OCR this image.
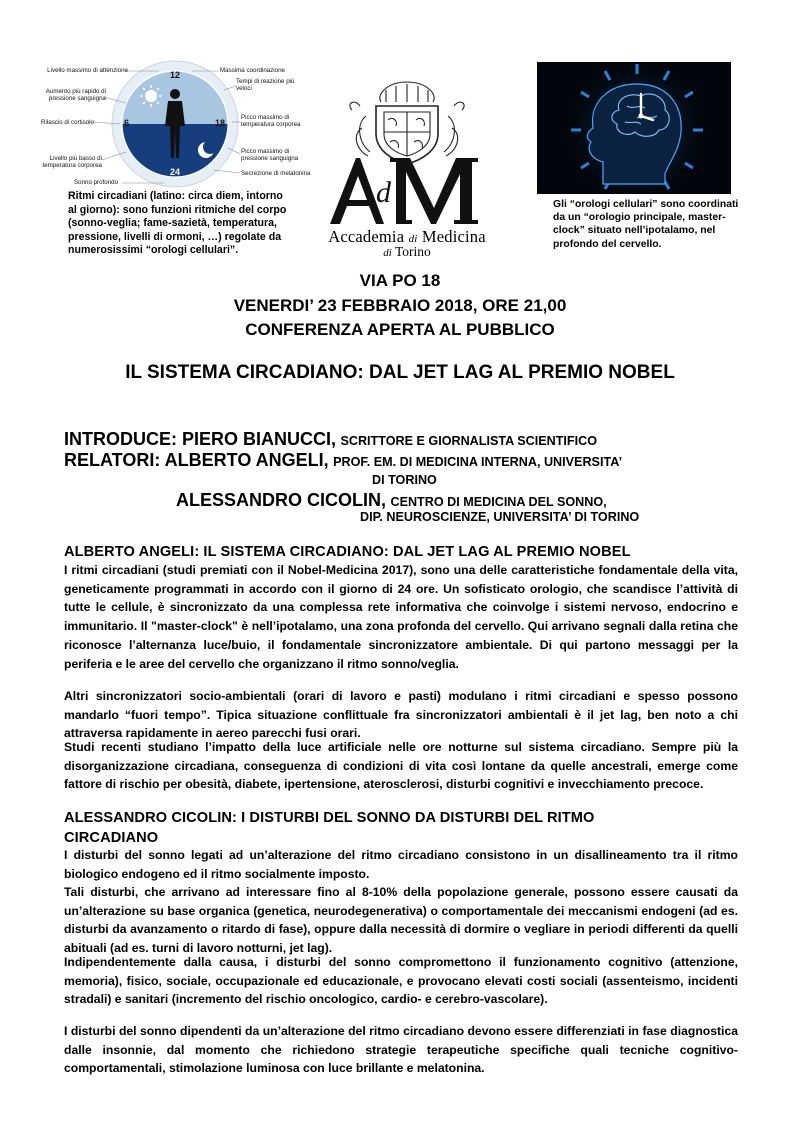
12
6	18
24
Livello massimo di attenzione
Aumento più rapido di pressione sanguigna
Rilascio di cortisolo
Livello più basso di temperatura corporea
Sonno profondo
Massima coordinazione
Tempi di reazione più veloci
Picco massimo di temperatura corporea
Picco massimo di pressione sanguigna
Secrezione di melatonina
Ritmi circadiani (latino: circa diem, intorno al giorno): sono funzioni ritmiche del corpo (sonno-veglia; fame-sazietà, temperatura, pressione, livelli di ormoni, …) regolate da numerosissimi “orologi cellulari”.
d
Accademia di Medicina
di Torino
Gli “orologi cellulari” sono coordinati da un “orologio principale, master-clock” situato nell’ipotalamo, nel profondo del cervello.
VIA PO 18
VENERDI’ 23 FEBBRAIO 2018, ORE 21,00
CONFERENZA APERTA AL PUBBLICO
IL SISTEMA CIRCADIANO: DAL JET LAG AL PREMIO NOBEL
INTRODUCE: PIERO BIANUCCI, SCRITTORE E GIORNALISTA SCIENTIFICO
RELATORI: ALBERTO ANGELI, PROF. EM. DI MEDICINA INTERNA, UNIVERSITA’
DI TORINO
ALESSANDRO CICOLIN, CENTRO DI MEDICINA DEL SONNO,
DIP. NEUROSCIENZE, UNIVERSITA’ DI TORINO
ALBERTO ANGELI: IL SISTEMA CIRCADIANO: DAL JET LAG AL PREMIO NOBEL
I ritmi circadiani (studi premiati con il Nobel-Medicina 2017), sono una delle caratteristiche fondamentale della vita, geneticamente programmati in accordo con il giorno di 24 ore. Un sofisticato orologio, che scandisce l’attività di tutte le cellule, è sincronizzato da una complessa rete informativa che coinvolge i sistemi nervoso, endocrino e immunitario. Il "master-clock" è nell’ipotalamo, una zona profonda del cervello. Qui arrivano segnali dalla retina che riconosce l’alternanza luce/buio, il fondamentale sincronizzatore ambientale. Di qui partono messaggi per la periferia e le aree del cervello che organizzano il ritmo sonno/veglia.
Altri sincronizzatori socio-ambientali (orari di lavoro e pasti) modulano i ritmi circadiani e spesso possono mandarlo “fuori tempo”. Tipica situazione conflittuale fra sincronizzatori ambientali è il jet lag, ben noto a chi attraversa rapidamente in aereo parecchi fusi orari.
Studi recenti studiano l’impatto della luce artificiale nelle ore notturne sul sistema circadiano. Sempre più la disorganizzazione circadiana, conseguenza di condizioni di vita così lontane da quelle ancestrali, emerge come fattore di rischio per obesità, diabete, ipertensione, aterosclerosi, disturbi cognitivi e invecchiamento precoce.
ALESSANDRO CICOLIN: I DISTURBI DEL SONNO DA DISTURBI DEL RITMO CIRCADIANO
I disturbi del sonno legati ad un’alterazione del ritmo circadiano consistono in un disallineamento tra il ritmo biologico endogeno ed il ritmo socialmente imposto.
Tali disturbi, che arrivano ad interessare fino al 8-10% della popolazione generale, possono essere causati da un’alterazione su base organica (genetica, neurodegenerativa) o comportamentale dei meccanismi endogeni (ad es. disturbi da avanzamento o ritardo di fase), oppure dalla necessità di dormire o vegliare in periodi differenti da quelli abituali (ad es. turni di lavoro notturni, jet lag).
Indipendentemente dalla causa, i disturbi del sonno compromettono il funzionamento cognitivo (attenzione, memoria), fisico, sociale, occupazionale ed educazionale, e provocano elevati costi sociali (assenteismo, incidenti stradali) e sanitari (incremento del rischio oncologico, cardio- e cerebro-vascolare).
I disturbi del sonno dipendenti da un’alterazione del ritmo circadiano devono essere differenziati in fase diagnostica dalle insonnie, dal momento che richiedono strategie terapeutiche specifiche quali tecniche cognitivo-comportamentali, stimolazione luminosa con luce brillante e melatonina.
